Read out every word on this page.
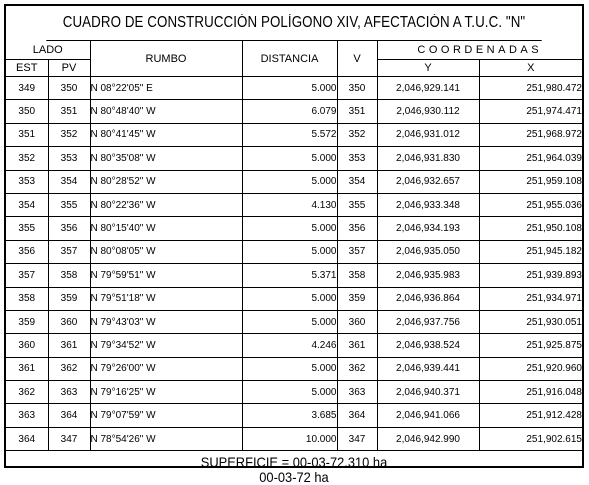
CUADRO DE CONSTRUCCIÓN POLÍGONO XIV, AFECTACIÓN A T.U.C. "N"
LADO		RUMBO	DISTANCIA	V	COORDENADAS	
EST	PV				Y	X
349	350	N 08°22'05" E	5.000	350	2,046,929.141	251,980.472
350	351	N 80°48'40" W	6.079	351	2,046,930.112	251,974.471
351	352	N 80°41'45" W	5.572	352	2,046,931.012	251,968.972
352	353	N 80°35'08" W	5.000	353	2,046,931.830	251,964.039
353	354	N 80°28'52" W	5.000	354	2,046,932.657	251,959.108
354	355	N 80°22'36" W	4.130	355	2,046,933.348	251,955.036
355	356	N 80°15'40" W	5.000	356	2,046,934.193	251,950.108
356	357	N 80°08'05" W	5.000	357	2,046,935.050	251,945.182
357	358	N 79°59'51" W	5.371	358	2,046,935.983	251,939.893
358	359	N 79°51'18" W	5.000	359	2,046,936.864	251,934.971
359	360	N 79°43'03" W	5.000	360	2,046,937.756	251,930.051
360	361	N 79°34'52" W	4.246	361	2,046,938.524	251,925.875
361	362	N 79°26'00" W	5.000	362	2,046,939.441	251,920.960
362	363	N 79°16'25" W	5.000	363	2,046,940.371	251,916.048
363	364	N 79°07'59" W	3.685	364	2,046,941.066	251,912.428
364	347	N 78°54'26" W	10.000	347	2,046,942.990	251,902.615
SUPERFICIE = 00-03-72.310 ha
00-03-72 ha
